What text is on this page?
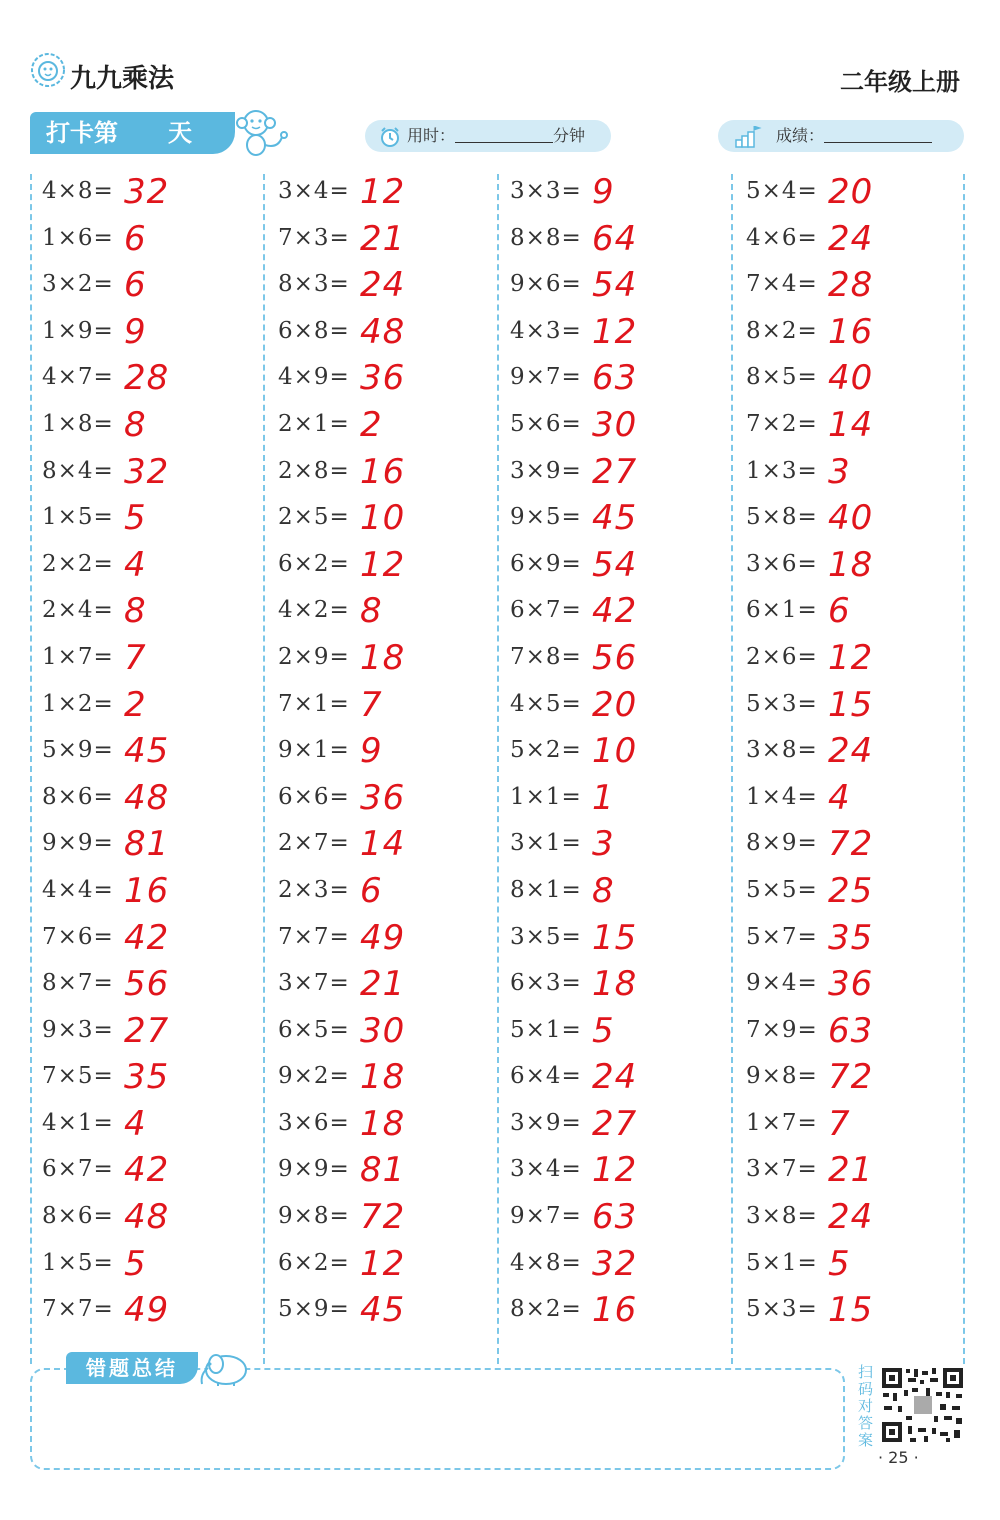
九九乘法	二年级上册
打卡第 天	用时：	分钟	成绩：
4×8= 32
1×6= 6
3×2= 6
1×9= 9
4×7= 28
1×8= 8
8×4= 32
1×5= 5
2×2= 4
2×4= 8
1×7= 7
1×2= 2
5×9= 45
8×6= 48
9×9= 81
4×4= 16
7×6= 42
8×7= 56
9×3= 27
7×5= 35
4×1= 4
6×7= 42
8×6= 48
1×5= 5
7×7= 49
3×4= 12
7×3= 21
8×3= 24
6×8= 48
4×9= 36
2×1= 2
2×8= 16
2×5= 10
6×2= 12
4×2= 8
2×9= 18
7×1= 7
9×1= 9
6×6= 36
2×7= 14
2×3= 6
7×7= 49
3×7= 21
6×5= 30
9×2= 18
3×6= 18
9×9= 81
9×8= 72
6×2= 12
5×9= 45
3×3= 9
8×8= 64
9×6= 54
4×3= 12
9×7= 63
5×6= 30
3×9= 27
9×5= 45
6×9= 54
6×7= 42
7×8= 56
4×5= 20
5×2= 10
1×1= 1
3×1= 3
8×1= 8
3×5= 15
6×3= 18
5×1= 5
6×4= 24
3×9= 27
3×4= 12
9×7= 63
4×8= 32
8×2= 16
5×4= 20
4×6= 24
7×4= 28
8×2= 16
8×5= 40
7×2= 14
1×3= 3
5×8= 40
3×6= 18
6×1= 6
2×6= 12
5×3= 15
3×8= 24
1×4= 4
8×9= 72
5×5= 25
5×7= 35
9×4= 36
7×9= 63
9×8= 72
1×7= 7
3×7= 21
3×8= 24
5×1= 5
5×3= 15
错题总结	扫码对答案
· 25 ·
